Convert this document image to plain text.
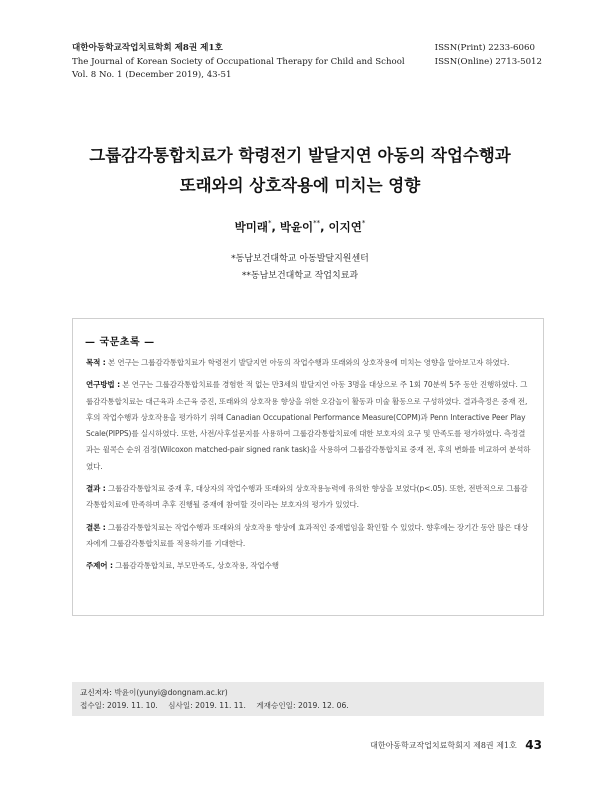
대한아동학교작업치료학회 제8권 제1호
The Journal of Korean Society of Occupational Therapy for Child and School
Vol. 8 No. 1 (December 2019), 43-51
ISSN(Print) 2233-6060
ISSN(Online) 2713-5012
그룹감각통합치료가 학령전기 발달지연 아동의 작업수행과
또래와의 상호작용에 미치는 영향
박미래*, 박윤이**, 이지연*
*동남보건대학교 아동발달지원센터
**동남보건대학교 작업치료과
— 국문초록 —

목적 : 본 연구는 그룹감각통합치료가 학령전기 발달지연 아동의 작업수행과 또래와의 상호작용에 미치는 영향을 알아보고자 하였다.

연구방법 : 본 연구는 그룹감각통합치료를 경험한 적 없는 만3세의 발달지연 아동 3명을 대상으로 주 1회 70분씩 5주 동안 진행하였다. 그룹감각통합치료는 대근육과 소근육 증진, 또래와의 상호작용 향상을 위한 오감놀이 활동과 미술 활동으로 구성하였다. 결과측정은 중재 전, 후의 작업수행과 상호작용을 평가하기 위해 Canadian Occupational Performance Measure(COPM)과 Penn Interactive Peer Play Scale(PIPPS)를 실시하였다. 또한, 사전/사후설문지를 사용하여 그룹감각통합치료에 대한 보호자의 요구 및 만족도를 평가하였다. 측정결과는 윌콕슨 순위 검정(Wilcoxon matched-pair signed rank task)을 사용하여 그룹감각통합치료 중재 전, 후의 변화를 비교하여 분석하였다.

결과 : 그룹감각통합치료 중재 후, 대상자의 작업수행과 또래와의 상호작용능력에 유의한 향상을 보였다(p<.05). 또한, 전반적으로 그룹감각통합치료에 만족하며 추후 진행될 중재에 참여할 것이라는 보호자의 평가가 있었다.

결론 : 그룹감각통합치료는 작업수행과 또래와의 상호작용 향상에 효과적인 중재법임을 확인할 수 있었다. 향후에는 장기간 동안 많은 대상자에게 그룹감각통합치료를 적용하기를 기대한다.

주제어 : 그룹감각통합치료, 부모만족도, 상호작용, 작업수행

교신저자: 박윤이(yunyi@dongnam.ac.kr)
접수일: 2019. 11. 10. 심사일: 2019. 11. 11. 게재승인일: 2019. 12. 06.
대한아동학교작업치료학회지 제8권 제1호 43
